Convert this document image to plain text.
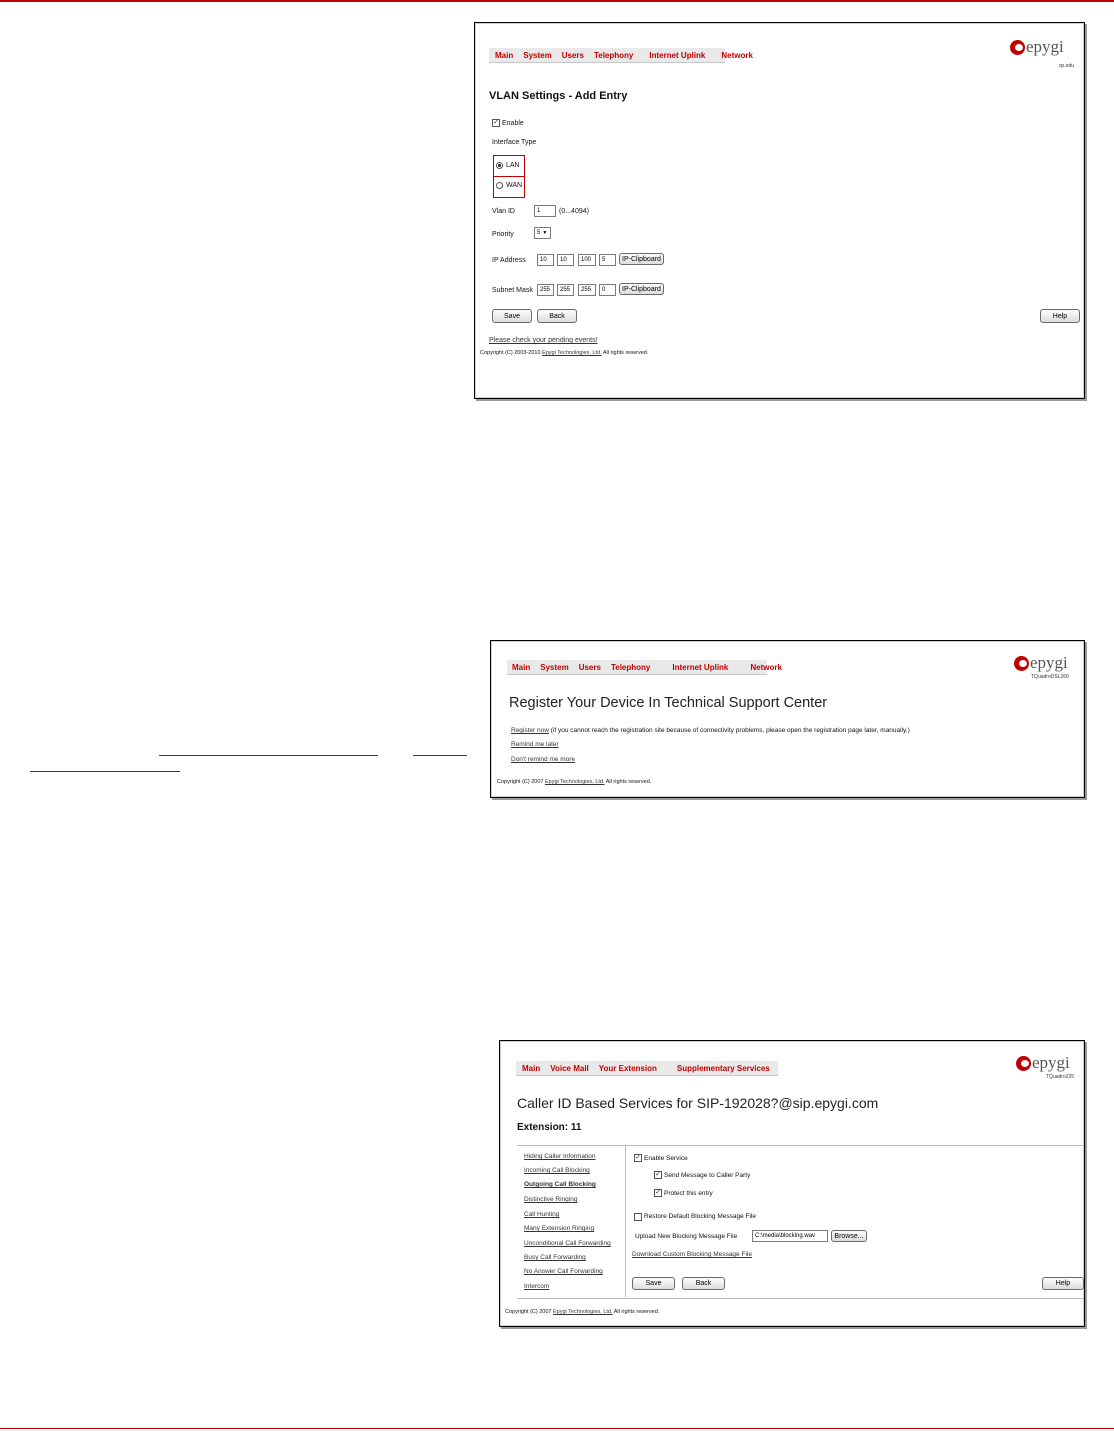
Main System Users Telephony Internet Uplink Network	epygi
qx.edu
VLAN Settings - Add Entry
✓ Enable
Interface Type
LAN
WAN
Vlan ID	1	(0...4094)
Priority	5 ▼
IP Address	10	10	100	5	IP-Clipboard
Subnet Mask	255	255	255	0	IP-Clipboard
Save	Back	Help
Please check your pending events!
Copyright (C) 2003-2010 Epygi Technologies, Ltd. All rights reserved.
Main System Users Telephony	Internet Uplink	Network	epygi
TQuadroDSL260
Register Your Device In Technical Support Center
Register now (if you cannot reach the registration site because of connectivity problems, please open the registration page later, manually.)
Remind me later
Don't remind me more
Copyright (C) 2007 Epygi Technologies, Ltd. All rights reserved.
Main Voice Mail Your Extension	Supplementary Services	epygi
TQuadro225
Caller ID Based Services for SIP-192028?@sip.epygi.com
Extension: 11
Hiding Caller Information
Incoming Call Blocking
Outgoing Call Blocking
Distinctive Ringing
Call Hunting
Many Extension Ringing
Unconditional Call Forwarding
Busy Call Forwarding
No Answer Call Forwarding
Intercom
✓ Enable Service
✓ Send Message to Caller Party
✓ Protect this entry
Restore Default Blocking Message File
Upload New Blocking Message File	C:\media\blocking.wav	Browse...
Download Custom Blocking Message File
Save	Back	Help
Copyright (C) 2007 Epygi Technologies, Ltd. All rights reserved.
